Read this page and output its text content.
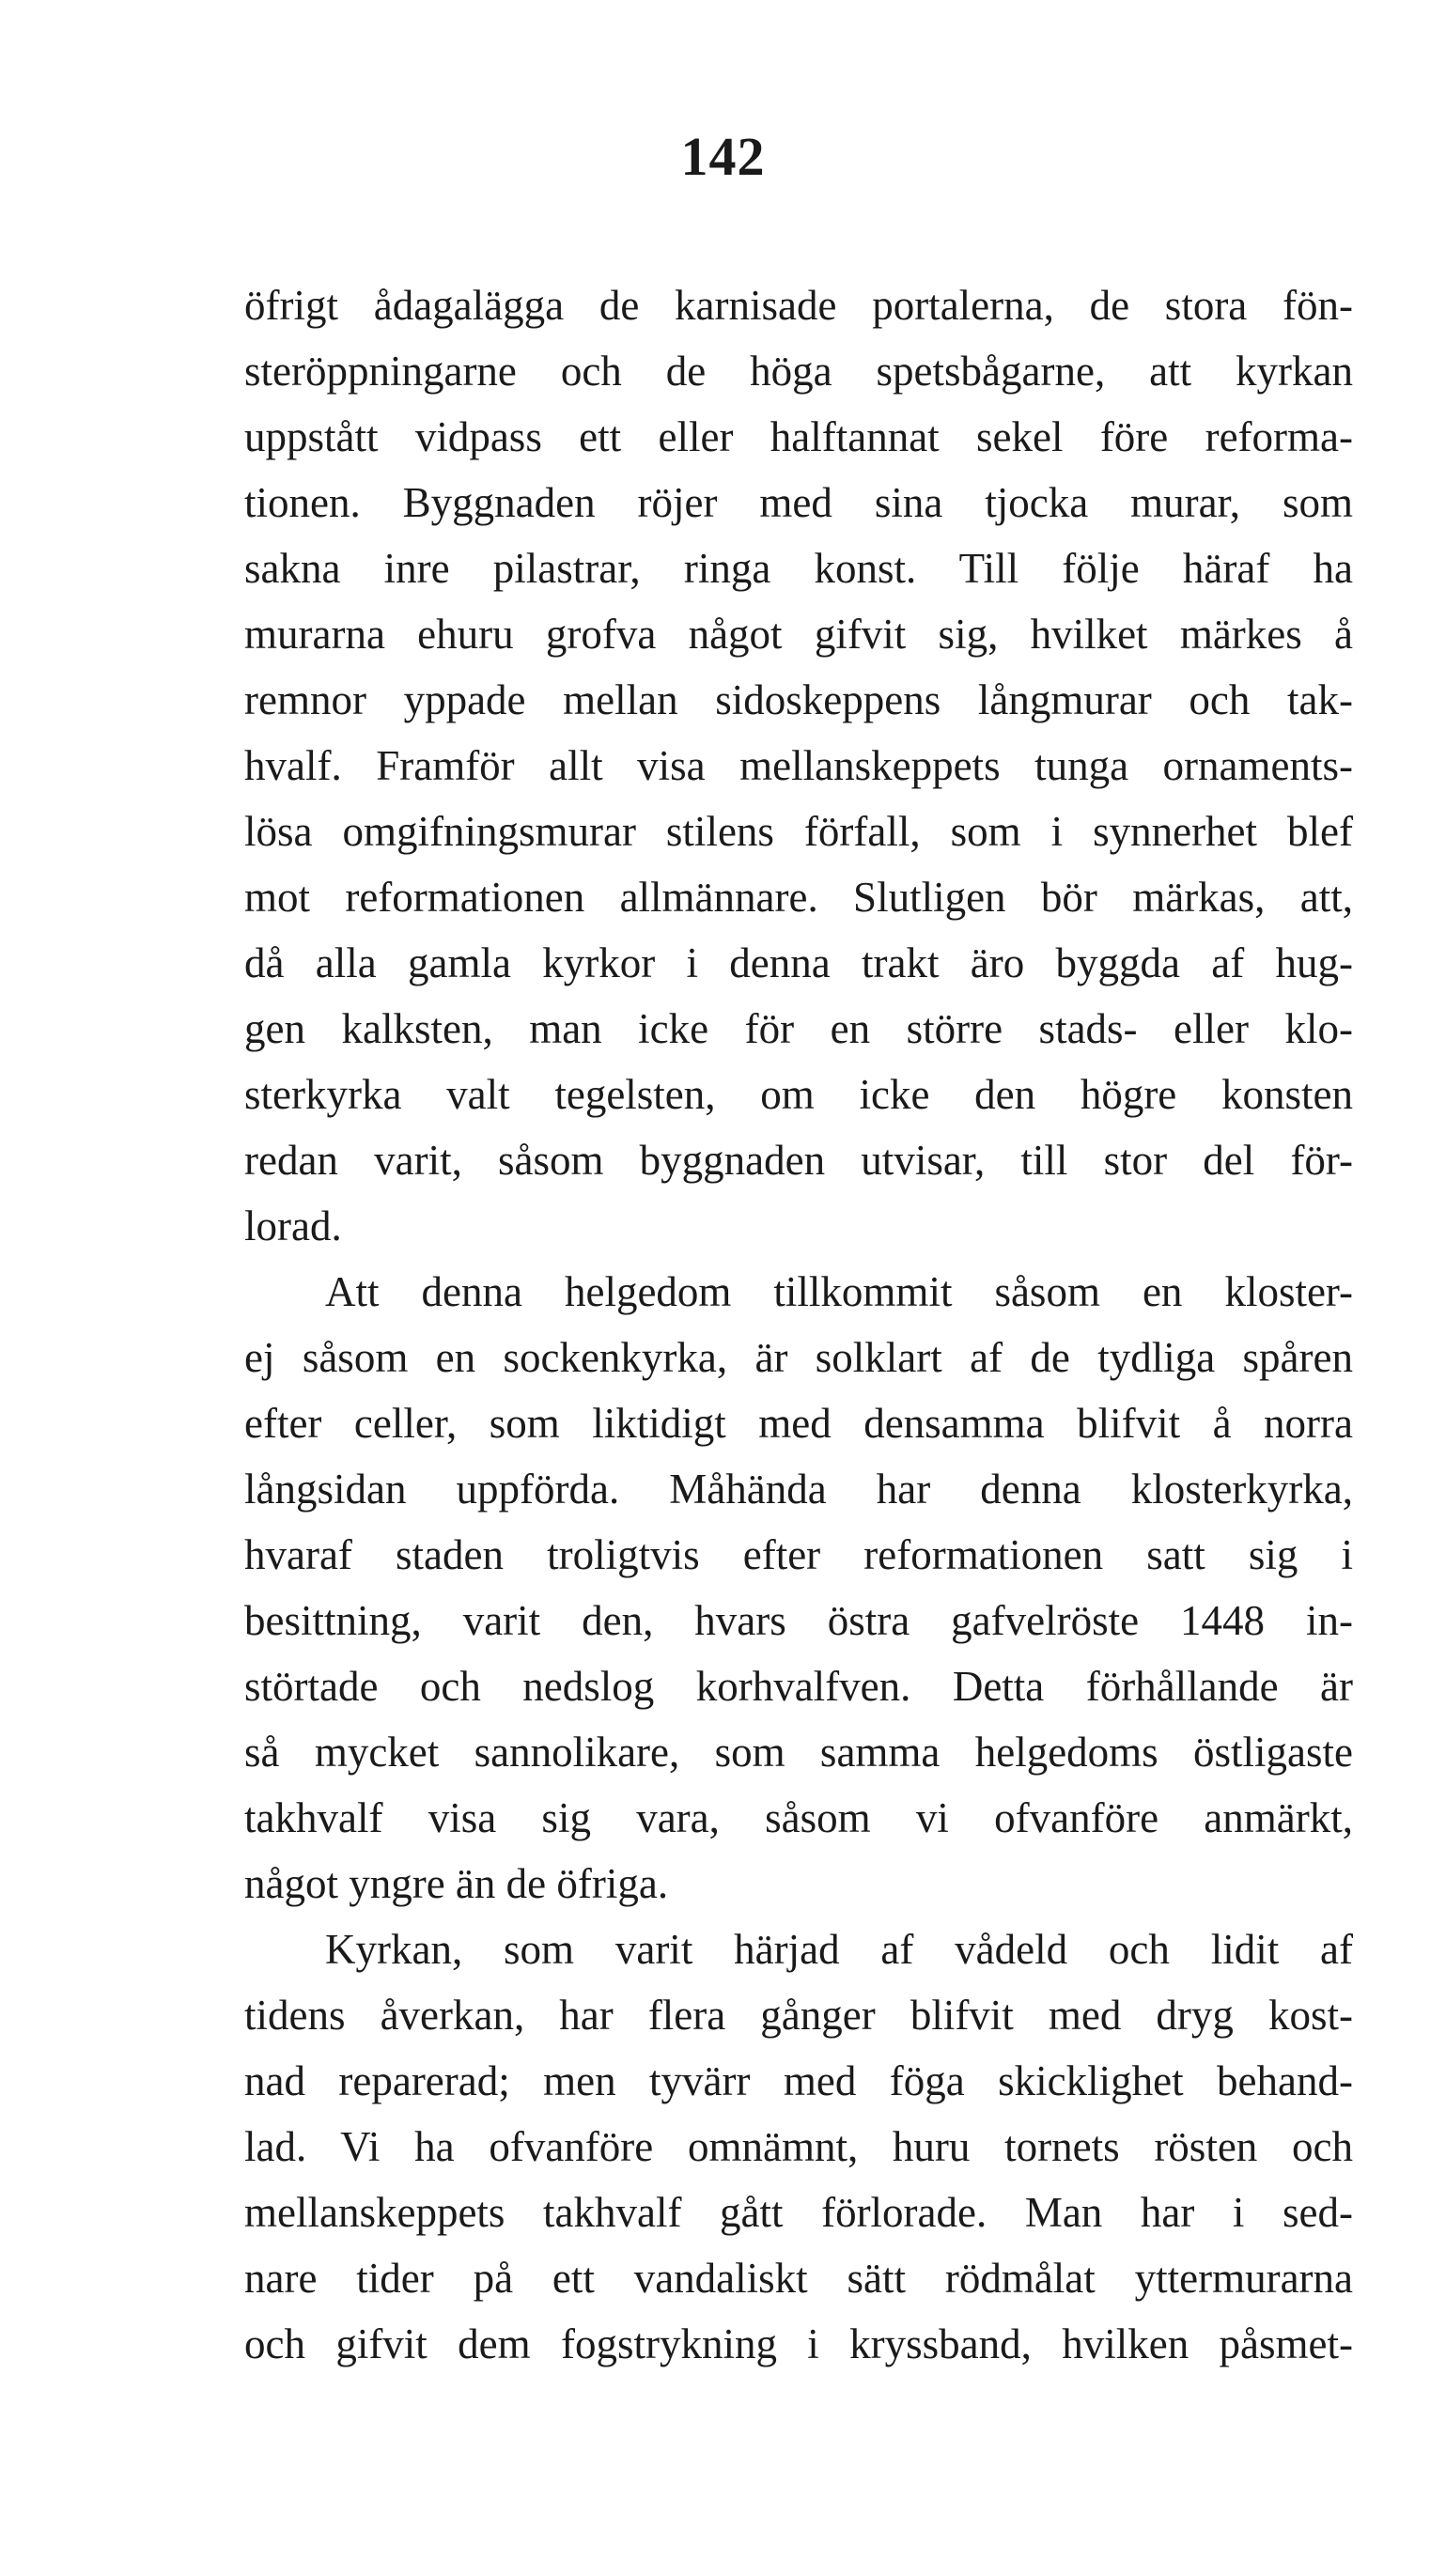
142
öfrigt ådagalägga de karnisade portalerna, de stora fön-
steröppningarne och de höga spetsbågarne, att kyrkan
uppstått vidpass ett eller halftannat sekel före reforma-
tionen. Byggnaden röjer med sina tjocka murar, som
sakna inre pilastrar, ringa konst. Till följe häraf ha
murarna ehuru grofva något gifvit sig, hvilket märkes å
remnor yppade mellan sidoskeppens långmurar och tak-
hvalf. Framför allt visa mellanskeppets tunga ornaments-
lösa omgifningsmurar stilens förfall, som i synnerhet blef
mot reformationen allmännare. Slutligen bör märkas, att,
då alla gamla kyrkor i denna trakt äro byggda af hug-
gen kalksten, man icke för en större stads- eller klo-
sterkyrka valt tegelsten, om icke den högre konsten
redan varit, såsom byggnaden utvisar, till stor del för-
lorad.
Att denna helgedom tillkommit såsom en kloster-
ej såsom en sockenkyrka, är solklart af de tydliga spåren
efter celler, som liktidigt med densamma blifvit å norra
långsidan uppförda. Måhända har denna klosterkyrka,
hvaraf staden troligtvis efter reformationen satt sig i
besittning, varit den, hvars östra gafvelröste 1448 in-
störtade och nedslog korhvalfven. Detta förhållande är
så mycket sannolikare, som samma helgedoms östligaste
takhvalf visa sig vara, såsom vi ofvanföre anmärkt,
något yngre än de öfriga.
Kyrkan, som varit härjad af vådeld och lidit af
tidens åverkan, har flera gånger blifvit med dryg kost-
nad reparerad; men tyvärr med föga skicklighet behand-
lad. Vi ha ofvanföre omnämnt, huru tornets rösten och
mellanskeppets takhvalf gått förlorade. Man har i sed-
nare tider på ett vandaliskt sätt rödmålat yttermurarna
och gifvit dem fogstrykning i kryssband, hvilken påsmet-
